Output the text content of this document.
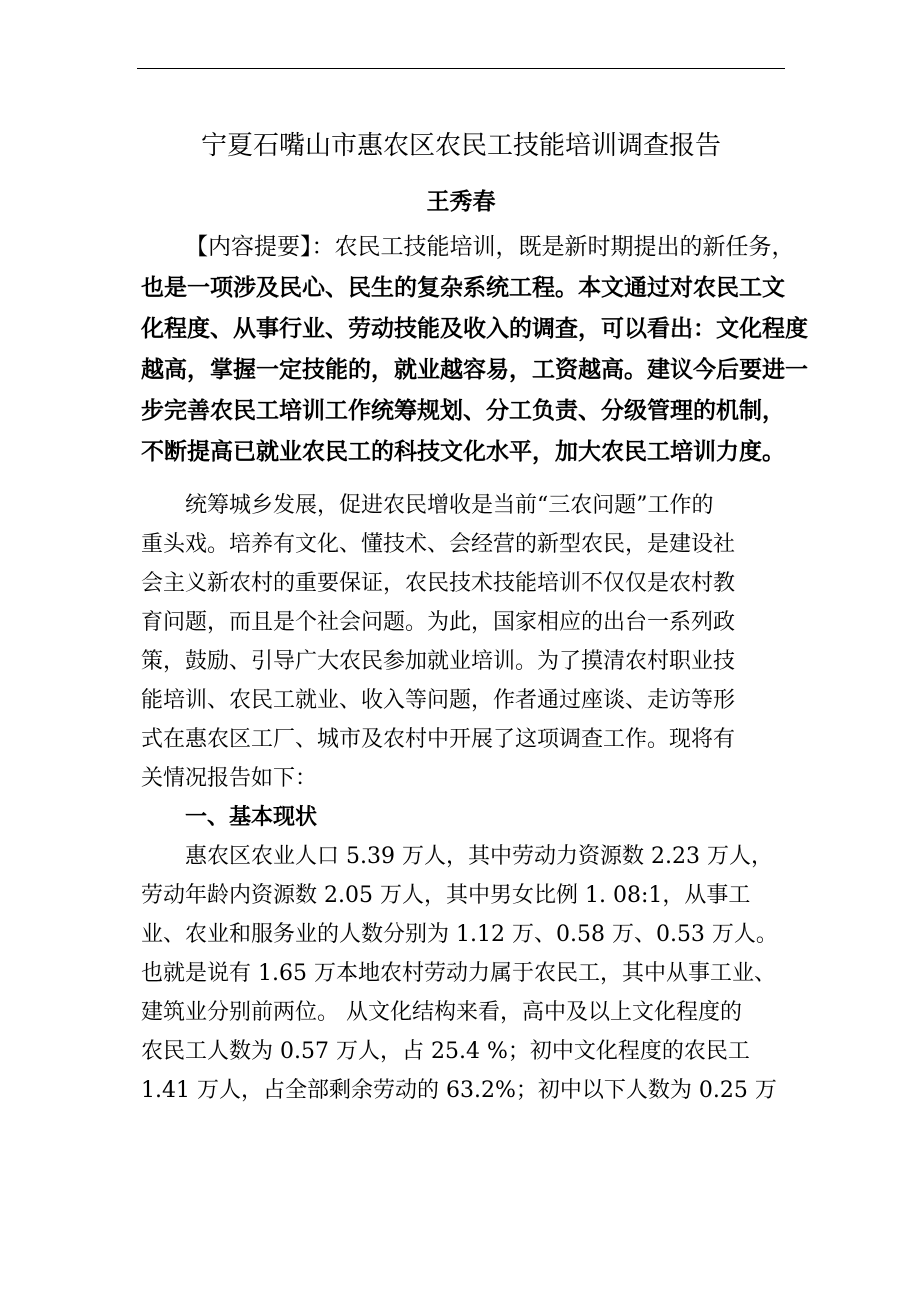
宁夏石嘴山市惠农区农民工技能培训调查报告
王秀春
【内容提要】：农民工技能培训，既是新时期提出的新任务，
也是一项涉及民心、民生的复杂系统工程。本文通过对农民工文
化程度、从事行业、劳动技能及收入的调查，可以看出：文化程度
越高，掌握一定技能的，就业越容易，工资越高。建议今后要进一
步完善农民工培训工作统筹规划、分工负责、分级管理的机制，
不断提高已就业农民工的科技文化水平，加大农民工培训力度。
统筹城乡发展，促进农民增收是当前“三农问题”工作的
重头戏。培养有文化、懂技术、会经营的新型农民，是建设社
会主义新农村的重要保证，农民技术技能培训不仅仅是农村教
育问题，而且是个社会问题。为此，国家相应的出台一系列政
策，鼓励、引导广大农民参加就业培训。为了摸清农村职业技
能培训、农民工就业、收入等问题，作者通过座谈、走访等形
式在惠农区工厂、城市及农村中开展了这项调查工作。现将有
关情况报告如下：
一、基本现状
惠农区农业人口 5.39 万人，其中劳动力资源数 2.23 万人，
劳动年龄内资源数 2.05 万人，其中男女比例 1. 08:1，从事工
业、农业和服务业的人数分别为 1.12 万、0.58 万、0.53 万人。
也就是说有 1.65 万本地农村劳动力属于农民工，其中从事工业、
建筑业分别前两位。 从文化结构来看，高中及以上文化程度的
农民工人数为 0.57 万人，占 25.4 %；初中文化程度的农民工
1.41 万人，占全部剩余劳动的 63.2%；初中以下人数为 0.25 万
